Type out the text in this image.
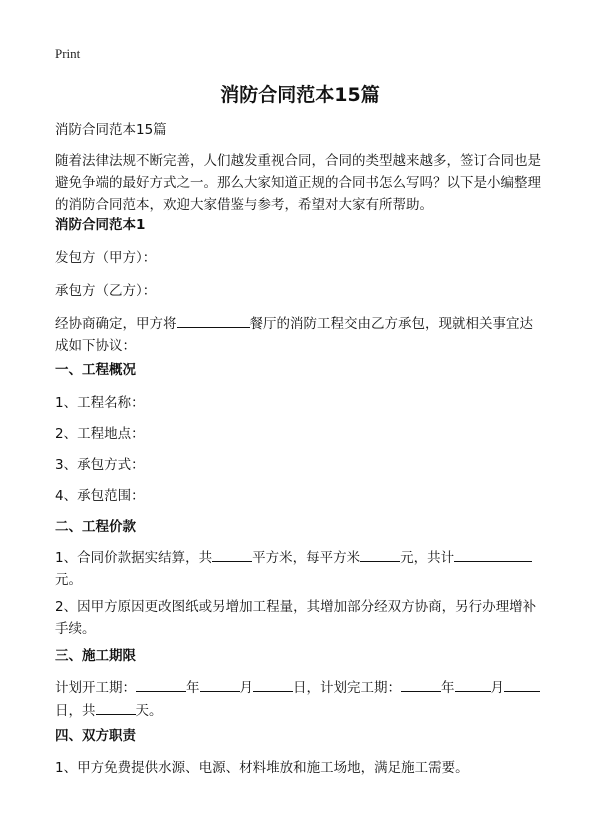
Print
消防合同范本15篇
消防合同范本15篇
随着法律法规不断完善，人们越发重视合同，合同的类型越来越多，签订合同也是避免争端的最好方式之一。那么大家知道正规的合同书怎么写吗？以下是小编整理的消防合同范本，欢迎大家借鉴与参考，希望对大家有所帮助。
消防合同范本1
发包方（甲方）：
承包方（乙方）：
经协商确定，甲方将	餐厅的消防工程交由乙方承包，现就相关事宜达成如下协议：
一、工程概况
1、工程名称：
2、工程地点：
3、承包方式：
4、承包范围：
二、工程价款
1、合同价款据实结算，共	平方米，每平方米	元，共计
元。
2、因甲方原因更改图纸或另增加工程量，其增加部分经双方协商，另行办理增补手续。
三、施工期限
计划开工期：	年	月	日，计划完工期：	年	月
日，共	天。
四、双方职责
1、甲方免费提供水源、电源、材料堆放和施工场地，满足施工需要。
